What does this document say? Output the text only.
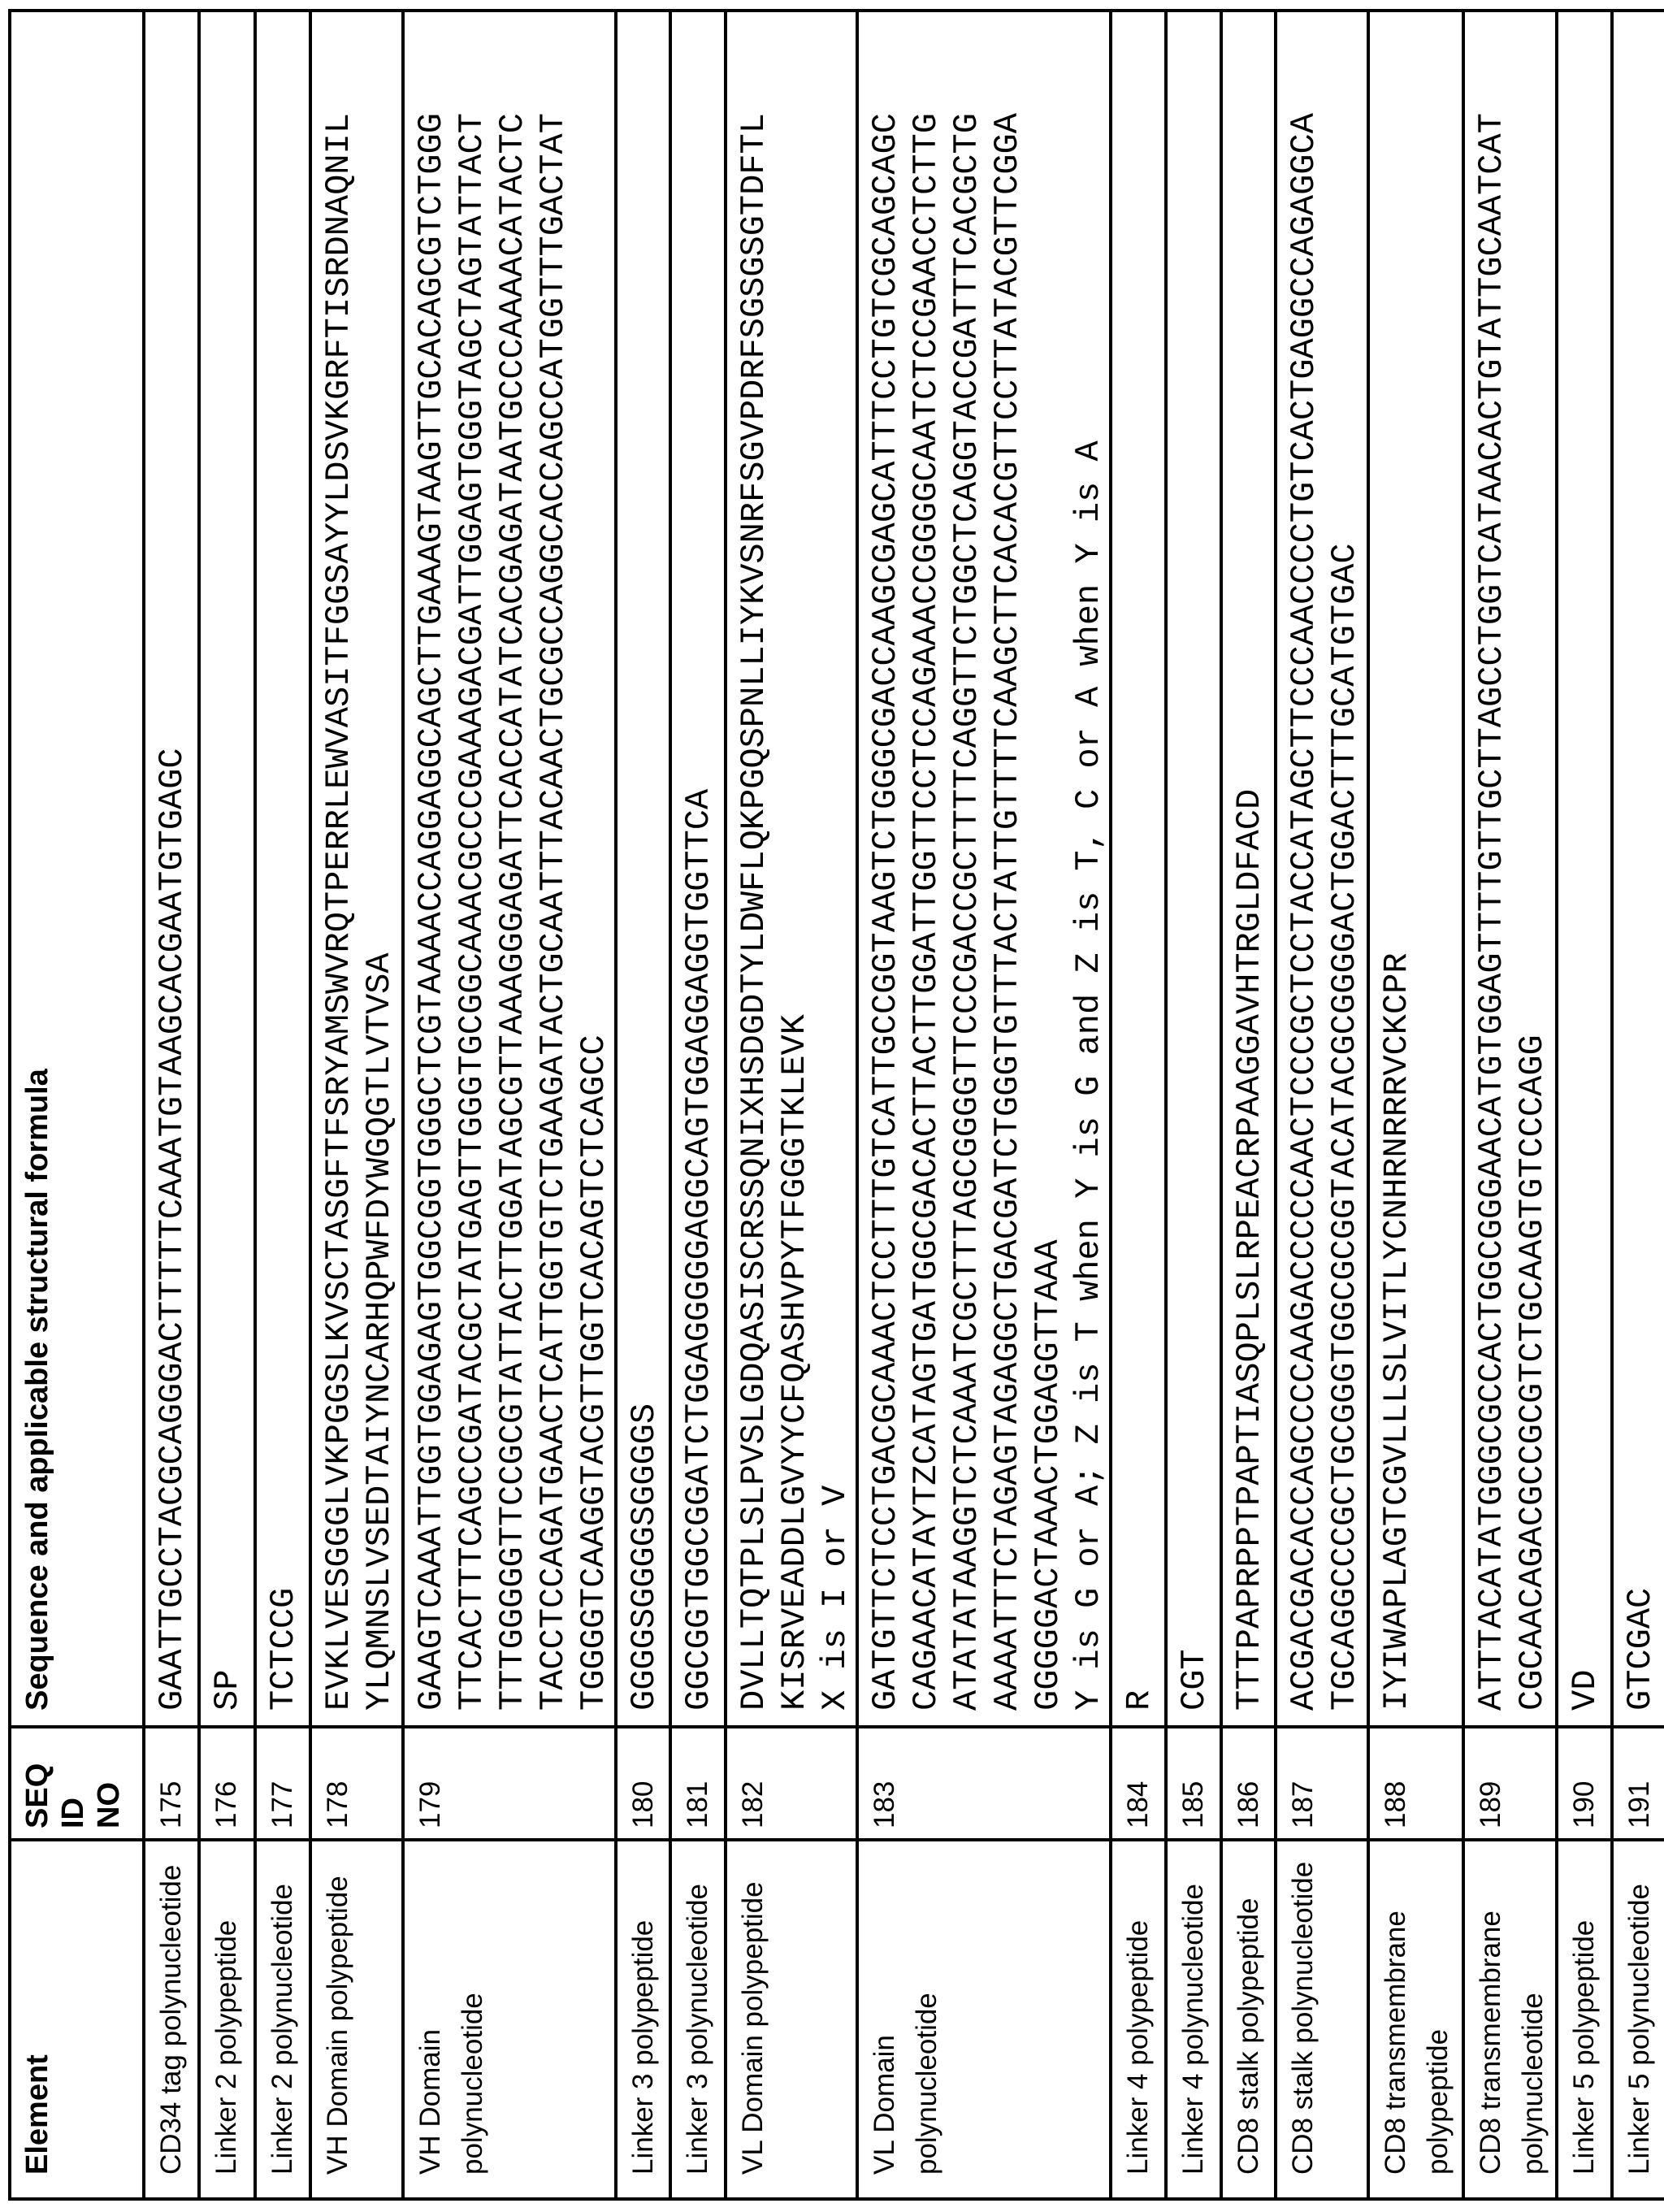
Element	
SEQ ID NO
	Sequence and applicable structural formula
CD34 tag polynucleotide	175	
GAATTGCCTACGCAGGGACTTTTTCAAATGTAAGCACGAATGTGAGC

Linker 2 polypeptide	176	
SP

Linker 2 polynucleotide	177	
TCTCCG

VH Domain polypeptide	178	
EVKLVESGGGLVKPGGSLKVSCTASGFTFSRYAMSWVRQTPERRLEWVASITFGGSAYYLDSVKGRFTISRDNAQNIL YLQMNSLVSEDTAIYNCARHQPWFDYWGQGTLVTVSA

VH Domain polynucleotide	179	
GAAGTCAAATTGGTGGAGAGTGGCGGTGGGCTCGTAAAACCAGGAGGCAGCTTGAAAGTAAGTTGCACAGCGTCTGGG TTCACTTTCAGCCGATACGCTATGAGTTGGGTGCGGCAAACGCCCGAAAGACGATTGGAGTGGGTAGCTAGTATTACT TTTGGGGGTTCCGCGTATTACTTGGATAGCGTTAAAGGGAGATTCACCATATCACGAGATAATGCCCAAAACATACTC TACCTCCAGATGAACTCATTGGTGTCTGAAGATACTGCAATTTACAACTGCGCCAGGCACCAGCCATGGTTTGACTAT TGGGGTCAAGGTACGTTGGTCACAGTCTCAGCC

Linker 3 polypeptide	180	
GGGGSGGGGSGGGGS

Linker 3 polynucleotide	181	
GGCGGTGGCGGATCTGGAGGGGGAGGCAGTGGAGGAGGTGGTTCA

VL Domain polypeptide	182	
DVLLTQTPLSLPVSLGDQASISCRSSQNIXHSDGDTYLDWFLQKPGQSPNLLIYKVSNRFSGVPDRFSGSGSGTDFTL KISRVEADDLGVYYCFQASHVPYTFGGGTKLEVK X is I or V

VL Domain polynucleotide	183	
GATGTTCTCCTGACGCAAACTCCTTTGTCATTGCCGGTAAGTCTGGGCGACCAAGCGAGCATTTCCTGTCGCAGCAGC CAGAACATAYTZCATAGTGATGGCGACACTTACTTGGATTGGTTCCTCCAGAAACCGGGGCAATCTCCGAACCTCTTG ATATATAAGGTCTCAAATCGCTTTAGCGGGGTTCCCGACCGCTTTTCAGGTTCTGGCTCAGGTACCGATTTCACGCTG AAAATTTCTAGAGTAGAGGCTGACGATCTGGGTGTTTACTATTGTTTTCAAGCTTCACACGTTCCTTATACGTTCGGA GGGGGACTAAACTGGAGGTTAAA Y is G or A; Z is T when Y is G and Z is T, C or A when Y is A

Linker 4 polypeptide	184	
R

Linker 4 polynucleotide	185	
CGT

CD8 stalk polypeptide	186	
TTTPAPRPPTPAPTIASQPLSLRPEACRPAAGGAVHTRGLDFACD

CD8 stalk polynucleotide	187	
ACGACGACACCAGCCCCAAGACCCCCAACTCCCGCTCCTACCATAGCTTCCCAACCCCTGTCACTGAGGCCAGAGGCA TGCAGGCCCGCTGCGGGTGGCGCGGTACATACGCGGGGACTGGACTTTGCATGTGAC

CD8 transmembrane polypeptide	188	
IYIWAPLAGTCGVLLLSLVITLYCNHRNRRRVCKCPR

CD8 transmembrane polynucleotide	189	
ATTTACATATGGGCGCCACTGGCGGGAACATGTGGAGTTTTGTTGCTTAGCCTGGTCATAACACTGTATTGCAATCAT CGCAACAGACGCCGCGTCTGCAAGTGTCCCAGG

Linker 5 polypeptide	190	
VD

Linker 5 polynucleotide	191	
GTCGAC
